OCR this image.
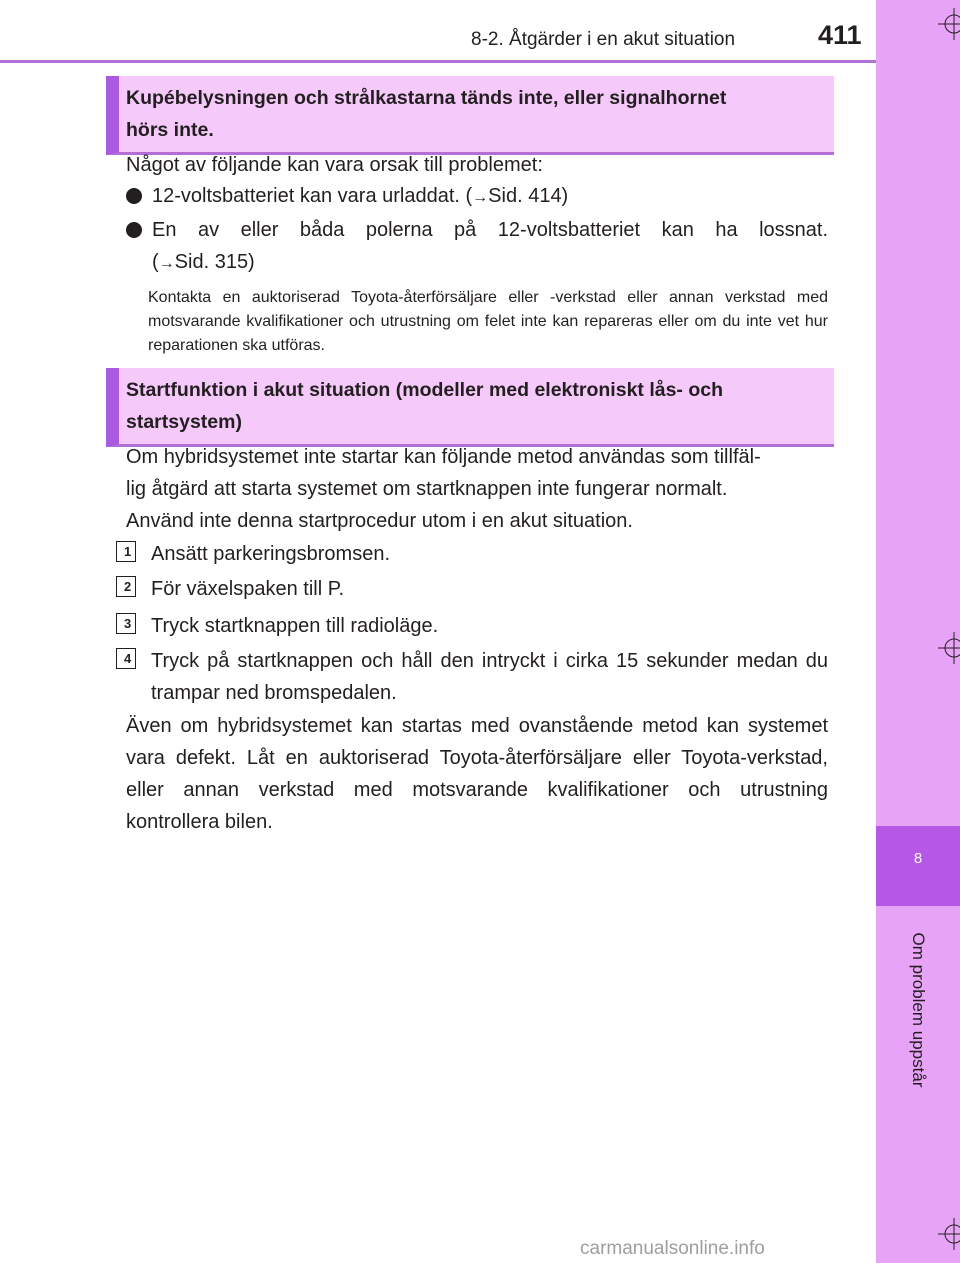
8-2. Åtgärder i en akut situation	411
8
Om problem uppstår
Kupébelysningen och strålkastarna tänds inte, eller signalhornet
hörs inte.
Något av följande kan vara orsak till problemet:
12-voltsbatteriet kan vara urladdat. (→Sid. 414)
En av eller båda polerna på 12-voltsbatteriet kan ha lossnat.
(→Sid. 315)
Kontakta en auktoriserad Toyota-återförsäljare eller -verkstad eller annan verkstad med motsvarande kvalifikationer och utrustning om felet inte kan repareras eller om du inte vet hur reparationen ska utföras.
Startfunktion i akut situation (modeller med elektroniskt lås- och
startsystem)
Om hybridsystemet inte startar kan följande metod användas som tillfäl-
lig åtgärd att starta systemet om startknappen inte fungerar normalt.
Använd inte denna startprocedur utom i en akut situation.
1 Ansätt parkeringsbromsen.
2 För växelspaken till P.
3 Tryck startknappen till radioläge.
4 Tryck på startknappen och håll den intryckt i cirka 15 sekunder medan du trampar ned bromspedalen.
Även om hybridsystemet kan startas med ovanstående metod kan systemet vara defekt. Låt en auktoriserad Toyota-återförsäljare eller Toyota-verkstad, eller annan verkstad med motsvarande kvalifikationer och utrustning kontrollera bilen.
carmanualsonline.info
